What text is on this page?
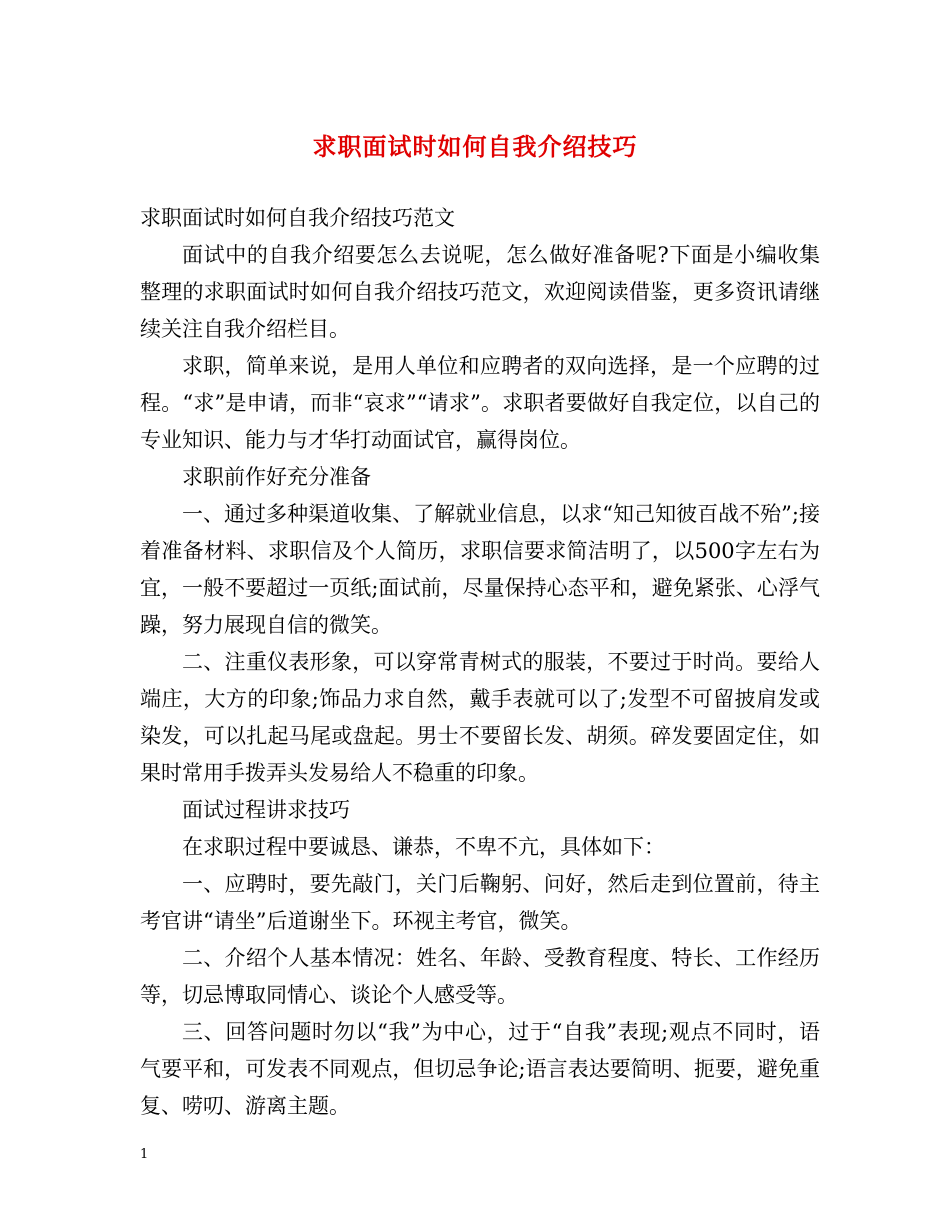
求职面试时如何自我介绍技巧

求职面试时如何自我介绍技巧范文

面试中的自我介绍要怎么去说呢，怎么做好准备呢?下面是小编收集整理的求职面试时如何自我介绍技巧范文，欢迎阅读借鉴，更多资讯请继续关注自我介绍栏目。

求职，简单来说，是用人单位和应聘者的双向选择，是一个应聘的过程。“求”是申请，而非“哀求”“请求”。求职者要做好自我定位，以自己的专业知识、能力与才华打动面试官，赢得岗位。

求职前作好充分准备

一、通过多种渠道收集、了解就业信息，以求“知己知彼百战不殆”;接着准备材料、求职信及个人简历，求职信要求简洁明了，以500字左右为宜，一般不要超过一页纸;面试前，尽量保持心态平和，避免紧张、心浮气躁，努力展现自信的微笑。

二、注重仪表形象，可以穿常青树式的服装，不要过于时尚。要给人端庄，大方的印象;饰品力求自然，戴手表就可以了;发型不可留披肩发或染发，可以扎起马尾或盘起。男士不要留长发、胡须。碎发要固定住，如果时常用手拨弄头发易给人不稳重的印象。

面试过程讲求技巧

在求职过程中要诚恳、谦恭，不卑不亢，具体如下：

一、应聘时，要先敲门，关门后鞠躬、问好，然后走到位置前，待主考官讲“请坐”后道谢坐下。环视主考官，微笑。

二、介绍个人基本情况：姓名、年龄、受教育程度、特长、工作经历等，切忌博取同情心、谈论个人感受等。

三、回答问题时勿以“我”为中心，过于“自我”表现;观点不同时，语气要平和，可发表不同观点，但切忌争论;语言表达要简明、扼要，避免重复、唠叨、游离主题。

1
